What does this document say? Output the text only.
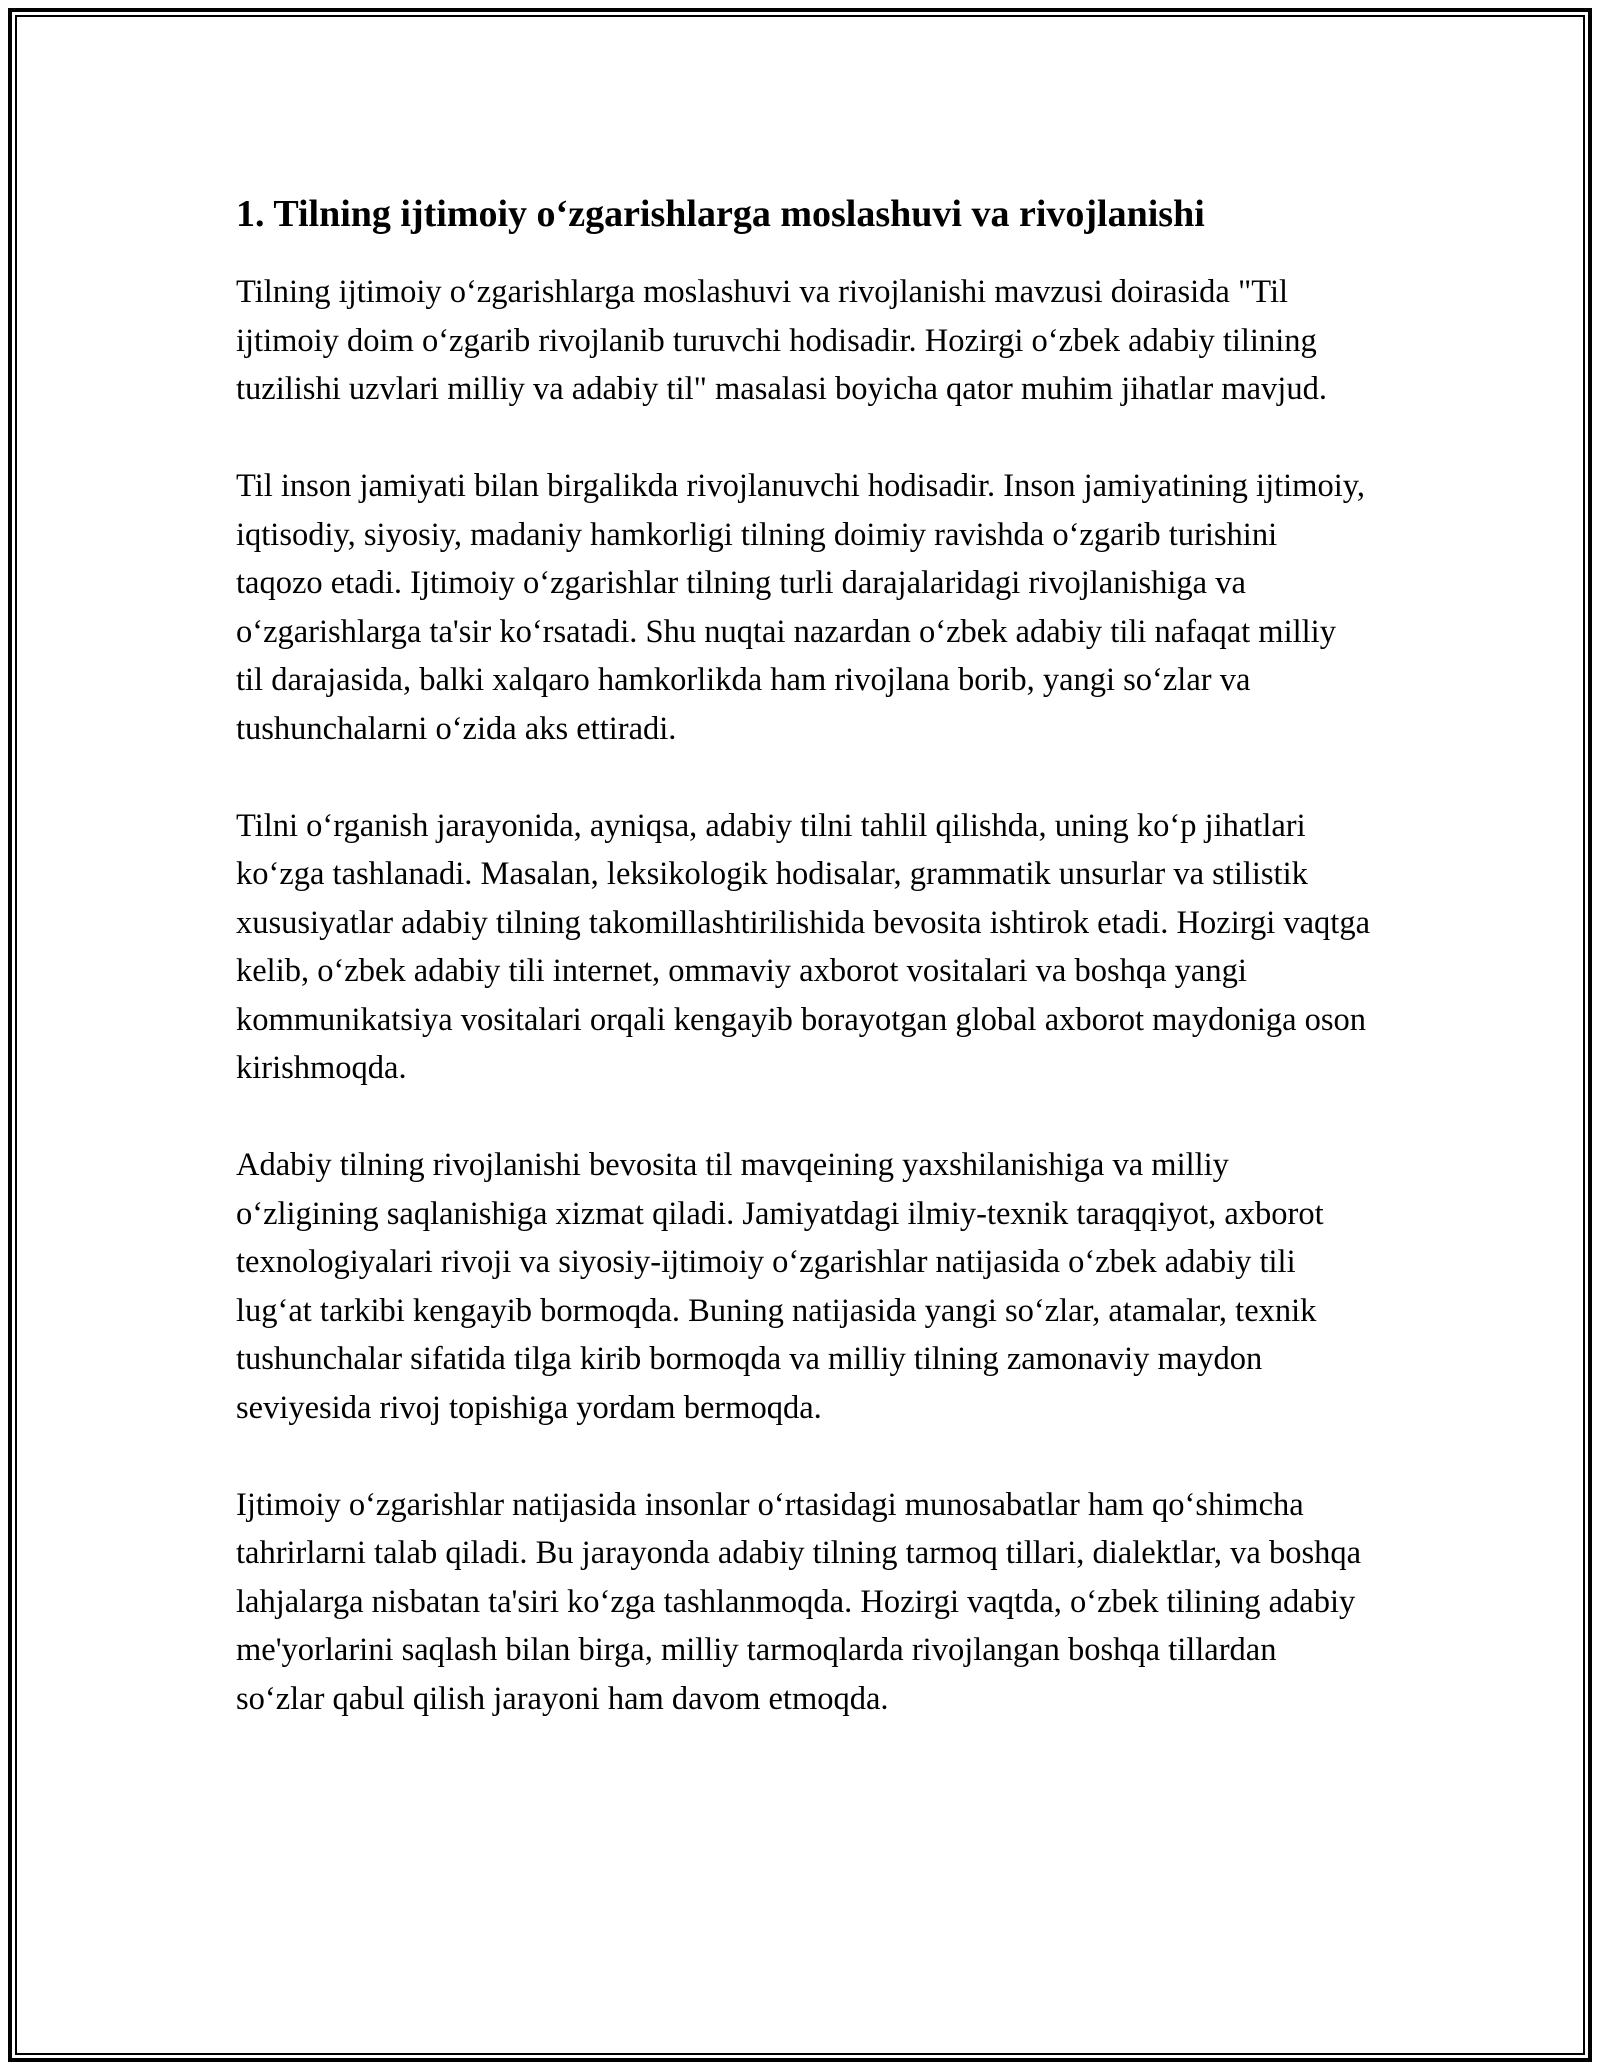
1. Tilning ijtimoiy o‘zgarishlarga moslashuvi va rivojlanishi

Tilning ijtimoiy o‘zgarishlarga moslashuvi va rivojlanishi mavzusi doirasida "Til ijtimoiy doim o‘zgarib rivojlanib turuvchi hodisadir. Hozirgi o‘zbek adabiy tilining tuzilishi uzvlari milliy va adabiy til" masalasi boyicha qator muhim jihatlar mavjud.

Til inson jamiyati bilan birgalikda rivojlanuvchi hodisadir. Inson jamiyatining ijtimoiy, iqtisodiy, siyosiy, madaniy hamkorligi tilning doimiy ravishda o‘zgarib turishini taqozo etadi. Ijtimoiy o‘zgarishlar tilning turli darajalaridagi rivojlanishiga va o‘zgarishlarga ta'sir ko‘rsatadi. Shu nuqtai nazardan o‘zbek adabiy tili nafaqat milliy til darajasida, balki xalqaro hamkorlikda ham rivojlana borib, yangi so‘zlar va tushunchalarni o‘zida aks ettiradi.

Tilni o‘rganish jarayonida, ayniqsa, adabiy tilni tahlil qilishda, uning ko‘p jihatlari ko‘zga tashlanadi. Masalan, leksikologik hodisalar, grammatik unsurlar va stilistik xususiyatlar adabiy tilning takomillashtirilishida bevosita ishtirok etadi. Hozirgi vaqtga kelib, o‘zbek adabiy tili internet, ommaviy axborot vositalari va boshqa yangi kommunikatsiya vositalari orqali kengayib borayotgan global axborot maydoniga oson kirishmoqda.

Adabiy tilning rivojlanishi bevosita til mavqeining yaxshilanishiga va milliy o‘zligining saqlanishiga xizmat qiladi. Jamiyatdagi ilmiy-texnik taraqqiyot, axborot texnologiyalari rivoji va siyosiy-ijtimoiy o‘zgarishlar natijasida o‘zbek adabiy tili lug‘at tarkibi kengayib bormoqda. Buning natijasida yangi so‘zlar, atamalar, texnik tushunchalar sifatida tilga kirib bormoqda va milliy tilning zamonaviy maydon seviyesida rivoj topishiga yordam bermoqda.

Ijtimoiy o‘zgarishlar natijasida insonlar o‘rtasidagi munosabatlar ham qo‘shimcha tahrirlarni talab qiladi. Bu jarayonda adabiy tilning tarmoq tillari, dialektlar, va boshqa lahjalarga nisbatan ta'siri ko‘zga tashlanmoqda. Hozirgi vaqtda, o‘zbek tilining adabiy me'yorlarini saqlash bilan birga, milliy tarmoqlarda rivojlangan boshqa tillardan so‘zlar qabul qilish jarayoni ham davom etmoqda.
